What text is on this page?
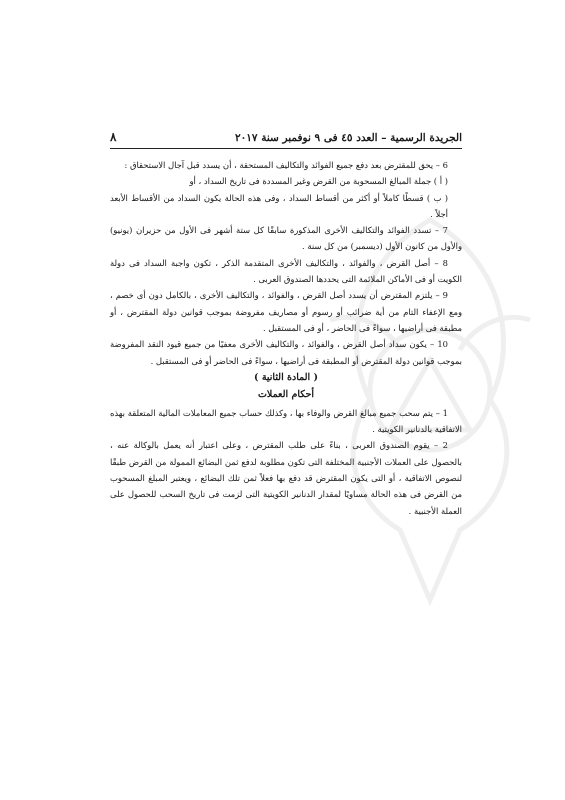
٨	الجريدة الرسمية – العدد ٤٥ فى ٩ نوفمبر سنة ٢٠١٧

6 – يحق للمقترض بعد دفع جميع الفوائد والتكاليف المستحقة ، أن يسدد قبل آجال الاستحقاق :

( أ ) جملة المبالغ المسحوبة من القرض وغير المسددة فى تاريخ السداد ، أو

( ب ) قسطًا كاملاً أو أكثر من أقساط السداد ، وفى هذه الحالة يكون السداد من الأقساط الأبعد أجلاً .

7 – تسدد الفوائد والتكاليف الأخرى المذكورة سابقًا كل ستة أشهر فى الأول من حزيران (يونيو) والأول من كانون الأول (ديسمبر) من كل سنة .

8 – أصل القرض ، والفوائد ، والتكاليف الأخرى المتقدمة الذكر ، تكون واجبة السداد فى دولة الكويت أو فى الأماكن الملائمة التى يحددها الصندوق العربى .

9 – يلتزم المقترض أن يسدد أصل القرض ، والفوائد ، والتكاليف الأخرى ، بالكامل دون أى خصم ، ومع الإعفاء التام من أية ضرائب أو رسوم أو مصاريف مفروضة بموجب قوانين دولة المقترض ، أو مطبقة فى أراضيها ، سواءً فى الحاضر ، أو فى المستقبل .

10 – يكون سداد أصل القرض ، والفوائد ، والتكاليف الأخرى معفيًا من جميع قيود النقد المفروضة بموجب قوانين دولة المقترض أو المطبقة فى أراضيها ، سواءً فى الحاضر أو فى المستقبل .

( المادة الثانية )

أحكام العملات

1 – يتم سحب جميع مبالغ القرض والوفاء بها ، وكذلك حساب جميع المعاملات المالية المتعلقة بهذه الاتفاقية بالدنانير الكويتية .

2 – يقوم الصندوق العربى ، بناءً على طلب المقترض ، وعلى اعتبار أنه يعمل بالوكالة عنه ، بالحصول على العملات الأجنبية المختلفة التى تكون مطلوبة لدفع ثمن البضائع الممولة من القرض طبقًا لنصوص الاتفاقية ، أو التى يكون المقترض قد دفع بها فعلاً ثمن تلك البضائع ، ويعتبر المبلغ المسحوب من القرض فى هذه الحالة مساويًا لمقدار الدنانير الكويتية التى لزمت فى تاريخ السحب للحصول على العملة الأجنبية .
